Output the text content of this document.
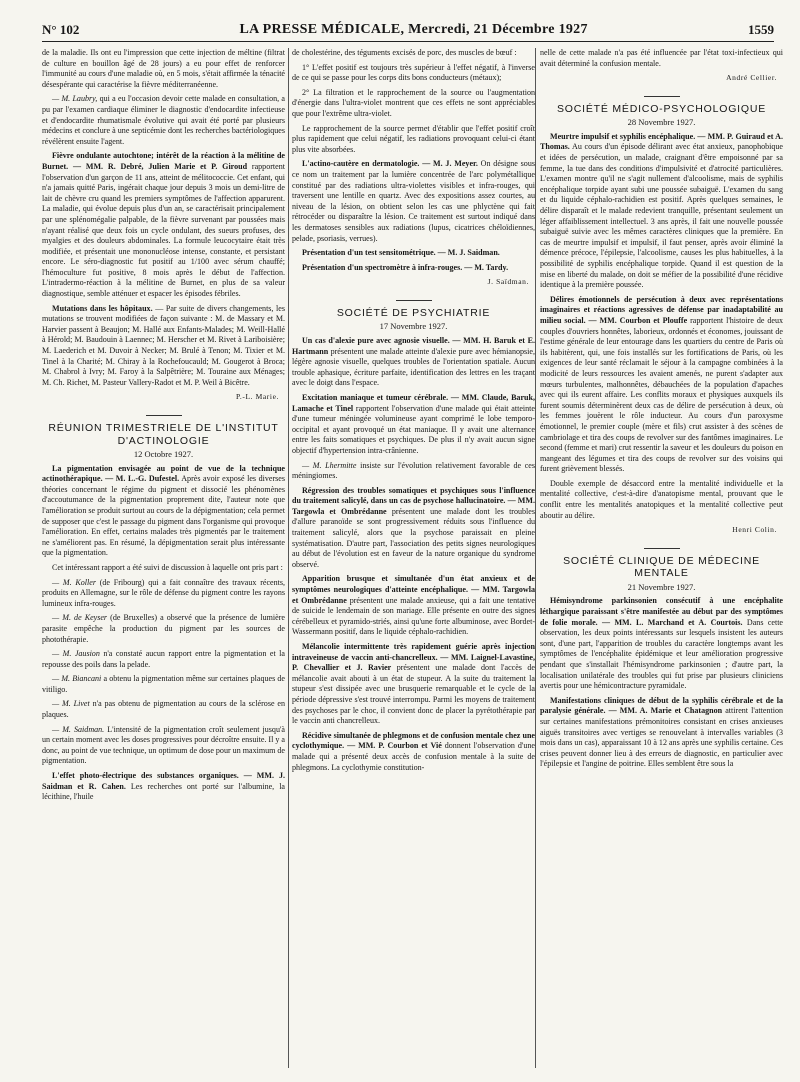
N° 102	LA PRESSE MÉDICALE, Mercredi, 21 Décembre 1927	1559

de la maladie. Ils ont eu l'impression que cette injection de méltine (filtrat de culture en bouillon âgé de 28 jours) a eu pour effet de renforcer l'immunité au cours d'une maladie où, en 5 mois, s'était affirmée la ténacité désespérante qui caractérise la fièvre méditerranéenne.

— M. Laubry, qui a eu l'occasion devoir cette malade en consultation, a pu par l'examen cardiaque éliminer le diagnostic d'endocardite infectieuse et d'endocardite rhumatismale évolutive qui avait été porté par plusieurs médecins et conclure à une septicémie dont les recherches bactériologiques révélèrent ensuite l'agent.

Fièvre ondulante autochtone; intérêt de la réaction à la mélitine de Burnet. — MM. R. Debré, Julien Marie et P. Giroud rapportent l'observation d'un garçon de 11 ans, atteint de mélitococcie. Cet enfant, qui n'a jamais quitté Paris, ingérait chaque jour depuis 3 mois un demi-litre de lait de chèvre cru quand les premiers symptômes de l'affection apparurent. La maladie, qui évolue depuis plus d'un an, se caractérisait principalement par une splénomégalie palpable, de la fièvre survenant par poussées mais n'ayant réalisé que deux fois un cycle ondulant, des sueurs profuses, des myalgies et des douleurs abdominales. La formule leucocytaire était très modifiée, et présentait une mononucléose intense, constante, et persistant encore. Le séro-diagnostic fut positif au 1/100 avec sérum chauffé; l'hémoculture fut positive, 8 mois après le début de l'affection. L'intradermo-réaction à la mélitine de Burnet, en plus de sa valeur diagnostique, semble atténuer et espacer les épisodes fébriles.

Mutations dans les hôpitaux. — Par suite de divers changements, les mutations se trouvent modifiées de façon suivante : M. de Massary et M. Harvier passent à Beaujon; M. Hallé aux Enfants-Malades; M. Weill-Hallé à Hérold; M. Baudouin à Laennec; M. Herscher et M. Rivet à Lariboisière; M. Laederich et M. Duvoir à Necker; M. Brulé à Tenon; M. Tixier et M. Tinel à la Charité; M. Chiray à la Rochefoucauld; M. Gougerot à Broca; M. Chabrol à Ivry; M. Faroy à la Salpêtrière; M. Touraine aux Ménages; M. Ch. Richet, M. Pasteur Vallery-Radot et M. P. Weil à Bicêtre.

P.-L. Marie.
RÉUNION TRIMESTRIELE DE L'INSTITUT D'ACTINOLOGIE
12 Octobre 1927.

La pigmentation envisagée au point de vue de la technique actinothérapique. — M. L.-G. Dufestel. Après avoir exposé les diverses théories concernant le régime du pigment et dissocié les phénomènes d'accoutumance de la pigmentation proprement dite, l'auteur note que l'amélioration se produit surtout au cours de la dépigmentation; cela permet de supposer que c'est le passage du pigment dans l'organisme qui provoque l'amélioration. En effet, certains malades très pigmentés par le traitement ne s'améliorent pas. En résumé, la dépigmentation serait plus intéressante que la pigmentation.

Cet intéressant rapport a été suivi de discussion à laquelle ont pris part :

— M. Koller (de Fribourg) qui a fait connaître des travaux récents, produits en Allemagne, sur le rôle de défense du pigment contre les rayons lumineux infra-rouges.

— M. de Keyser (de Bruxelles) a observé que la présence de lumière parasite empêche la production du pigment par les sources de photothérapie.

— M. Jausion n'a constaté aucun rapport entre la pigmentation et la repousse des poils dans la pelade.

— M. Biancani a obtenu la pigmentation même sur certaines plaques de vitiligo.

— M. Livet n'a pas obtenu de pigmentation au cours de la sclérose en plaques.

— M. Saidman. L'intensité de la pigmentation croît seulement jusqu'à un certain moment avec les doses progressives pour décroître ensuite. Il y a donc, au point de vue technique, un optimum de dose pour un maximum de pigmentation.

L'effet photo-électrique des substances organiques. — MM. J. Saidman et R. Cahen. Les recherches ont porté sur l'albumine, la lécithine, l'huile

de cholestérine, des téguments excisés de porc, des muscles de bœuf :

1° L'effet positif est toujours très supérieur à l'effet négatif, à l'inverse de ce qui se passe pour les corps dits bons conducteurs (métaux);

2° La filtration et le rapprochement de la source ou l'augmentation d'énergie dans l'ultra-violet montrent que ces effets ne sont appréciables que pour l'extrême ultra-violet.

Le rapprochement de la source permet d'établir que l'effet positif croît plus rapidement que celui négatif, les radiations provoquant celui-ci étant plus vite absorbées.

L'actino-cautère en dermatologie. — M. J. Meyer. On désigne sous ce nom un traitement par la lumière concentrée de l'arc polymétallique constitué par des radiations ultra-violettes visibles et infra-rouges, qui traversent une lentille en quartz. Avec des expositions assez courtes, au niveau de la lésion, on obtient selon les cas une phlyctène qui fait rétrocéder ou disparaître la lésion. Ce traitement est surtout indiqué dans les dermatoses sensibles aux radiations (lupus, cicatrices chéloïdiennes, pelade, psoriasis, verrues).

Présentation d'un test sensitométrique. — M. J. Saidman.

Présentation d'un spectromètre à infra-rouges. — M. Tardy.

J. Saïdman.
SOCIÉTÉ DE PSYCHIATRIE
17 Novembre 1927.

Un cas d'alexie pure avec agnosie visuelle. — MM. H. Baruk et E. Hartmann présentent une malade atteinte d'alexie pure avec hémianopsie, légère agnosie visuelle, quelques troubles de l'orientation spatiale. Aucun trouble aphasique, écriture parfaite, identification des lettres en les traçant avec le doigt dans l'espace.

Excitation maniaque et tumeur cérébrale. — MM. Claude, Baruk, Lamache et Tinel rapportent l'observation d'une malade qui était atteinte d'une tumeur méningée volumineuse ayant comprimé le lobe temporo-occipital et ayant provoqué un état maniaque. Il y avait une alternance entre les faits somatiques et psychiques. De plus il n'y avait aucun signe objectif d'hypertension intra-crânienne.

— M. Lhermitte insiste sur l'évolution relativement favorable de ces méningiomes.

Régression des troubles somatiques et psychiques sous l'influence du traitement salicylé, dans un cas de psychose hallucinatoire. — MM. Targowla et Ombrédanne présentent une malade dont les troubles d'allure paranoïde se sont progressivement réduits sous l'influence du traitement salicylé, alors que la psychose paraissait en pleine systématisation. D'autre part, l'association des petits signes neurologiques au début de l'évolution est en faveur de la nature organique du syndrome observé.

Apparition brusque et simultanée d'un état anxieux et de symptômes neurologiques d'atteinte encéphalique. — MM. Targowla et Ombrédanne présentent une malade anxieuse, qui a fait une tentative de suicide le lendemain de son mariage. Elle présente en outre des signes cérébelleux et pyramido-striés, ainsi qu'une forte albuminose, avec Bordet-Wassermann positif, dans le liquide céphalo-rachidien.

Mélancolie intermittente très rapidement guérie après injection intraveineuse de vaccin anti-chancrelleux. — MM. Laignel-Lavastine, P. Chevallier et J. Ravier présentent une malade dont l'accès de mélancolie avait abouti à un état de stupeur. A la suite du traitement la stupeur s'est dissipée avec une brusquerie remarquable et le cycle de la période dépressive s'est trouvé interrompu. Parmi les moyens de traitement des psychoses par le choc, il convient donc de placer la pyrétothérapie par le vaccin anti chancrelleux.

Récidive simultanée de phlegmons et de confusion mentale chez une cyclothymique. — MM. P. Courbon et Vié donnent l'observation d'une malade qui a présenté deux accès de confusion mentale à la suite de phlegmons. La cyclothymie constitution-

nelle de cette malade n'a pas été influencée par l'état toxi-infectieux qui avait déterminé la confusion mentale.

André Cellier.
SOCIÉTÉ MÉDICO-PSYCHOLOGIQUE
28 Novembre 1927.

Meurtre impulsif et syphilis encéphalique. — MM. P. Guiraud et A. Thomas. Au cours d'un épisode délirant avec état anxieux, panophobique et idées de persécution, un malade, craignant d'être empoisonné par sa femme, la tue dans des conditions d'impulsivité et d'atrocité particulières. L'examen montre qu'il ne s'agit nullement d'alcoolisme, mais de syphilis encéphalique torpide ayant subi une poussée subaiguë. L'examen du sang et du liquide céphalo-rachidien est positif. Après quelques semaines, le délire disparaît et le malade redevient tranquille, présentant seulement un léger affaiblissement intellectuel. 3 ans après, il fait une nouvelle poussée subaiguë suivie avec les mêmes caractères cliniques que la première. En cas de meurtre impulsif et impulsif, il faut penser, après avoir éliminé la démence précoce, l'épilepsie, l'alcoolisme, causes les plus habituelles, à la possibilité de syphilis encéphalique torpide. Quand il est question de la mise en liberté du malade, on doit se méfier de la possibilité d'une récidive identique à la première poussée.

Délires émotionnels de persécution à deux avec représentations imaginaires et réactions agressives de défense par inadaptabilité au milieu social. — MM. Courbon et Plouffe rapportent l'histoire de deux couples d'ouvriers honnêtes, laborieux, ordonnés et économes, jouissant de l'estime générale de leur entourage dans les quartiers du centre de Paris où ils habitèrent, qui, une fois installés sur les fortifications de Paris, où les exigences de leur santé réclamait le séjour à la campagne combinées à la modicité de leurs ressources les avaient amenés, ne purent s'adapter aux mœurs turbulentes, malhonnêtes, débauchées de la population d'apaches avec qui ils eurent affaire. Les conflits moraux et physiques auxquels ils furent soumis déterminèrent deux cas de délire de persécution à deux, où les femmes jouèrent le rôle inducteur. Au cours d'un paroxysme émotionnel, le premier couple (mère et fils) crut assister à des scènes de cambriolage et tira des coups de revolver sur des fantômes imaginaires. Le second (femme et mari) crut ressentir la saveur et les douleurs du poison en mangeant des légumes et tira des coups de revolver sur des voisins qui furent grièvement blessés.

Double exemple de désaccord entre la mentalité individuelle et la mentalité collective, c'est-à-dire d'anatopisme mental, prouvant que le conflit entre les mentalités anatopiques et la mentalité collective peut aboutir au délire.

Henri Colin.
SOCIÉTÉ CLINIQUE DE MÉDECINE MENTALE
21 Novembre 1927.

Hémisyndrome parkinsonien consécutif à une encéphalite léthargique paraissant s'être manifestée au début par des symptômes de folie morale. — MM. L. Marchand et A. Courtois. Dans cette observation, les deux points intéressants sur lesquels insistent les auteurs sont, d'une part, l'apparition de troubles du caractère longtemps avant les symptômes de l'encéphalite épidémique et leur amélioration progressive pendant que s'installait l'hémisyndrome parkinsonien ; d'autre part, la localisation unilatérale des troubles qui fut prise par plusieurs cliniciens avertis pour une hémicontracture pyramidale.

Manifestations cliniques de début de la syphilis cérébrale et de la paralysie générale. — MM. A. Marie et Chatagnon attirent l'attention sur certaines manifestations prémonitoires consistant en crises anxieuses aiguës transitoires avec vertiges se renouvelant à intervalles variables (3 mois dans un cas), apparaissant 10 à 12 ans après une syphilis certaine. Ces crises peuvent donner lieu à des erreurs de diagnostic, en particulier avec l'épilepsie et l'angine de poitrine. Elles semblent être sous la
